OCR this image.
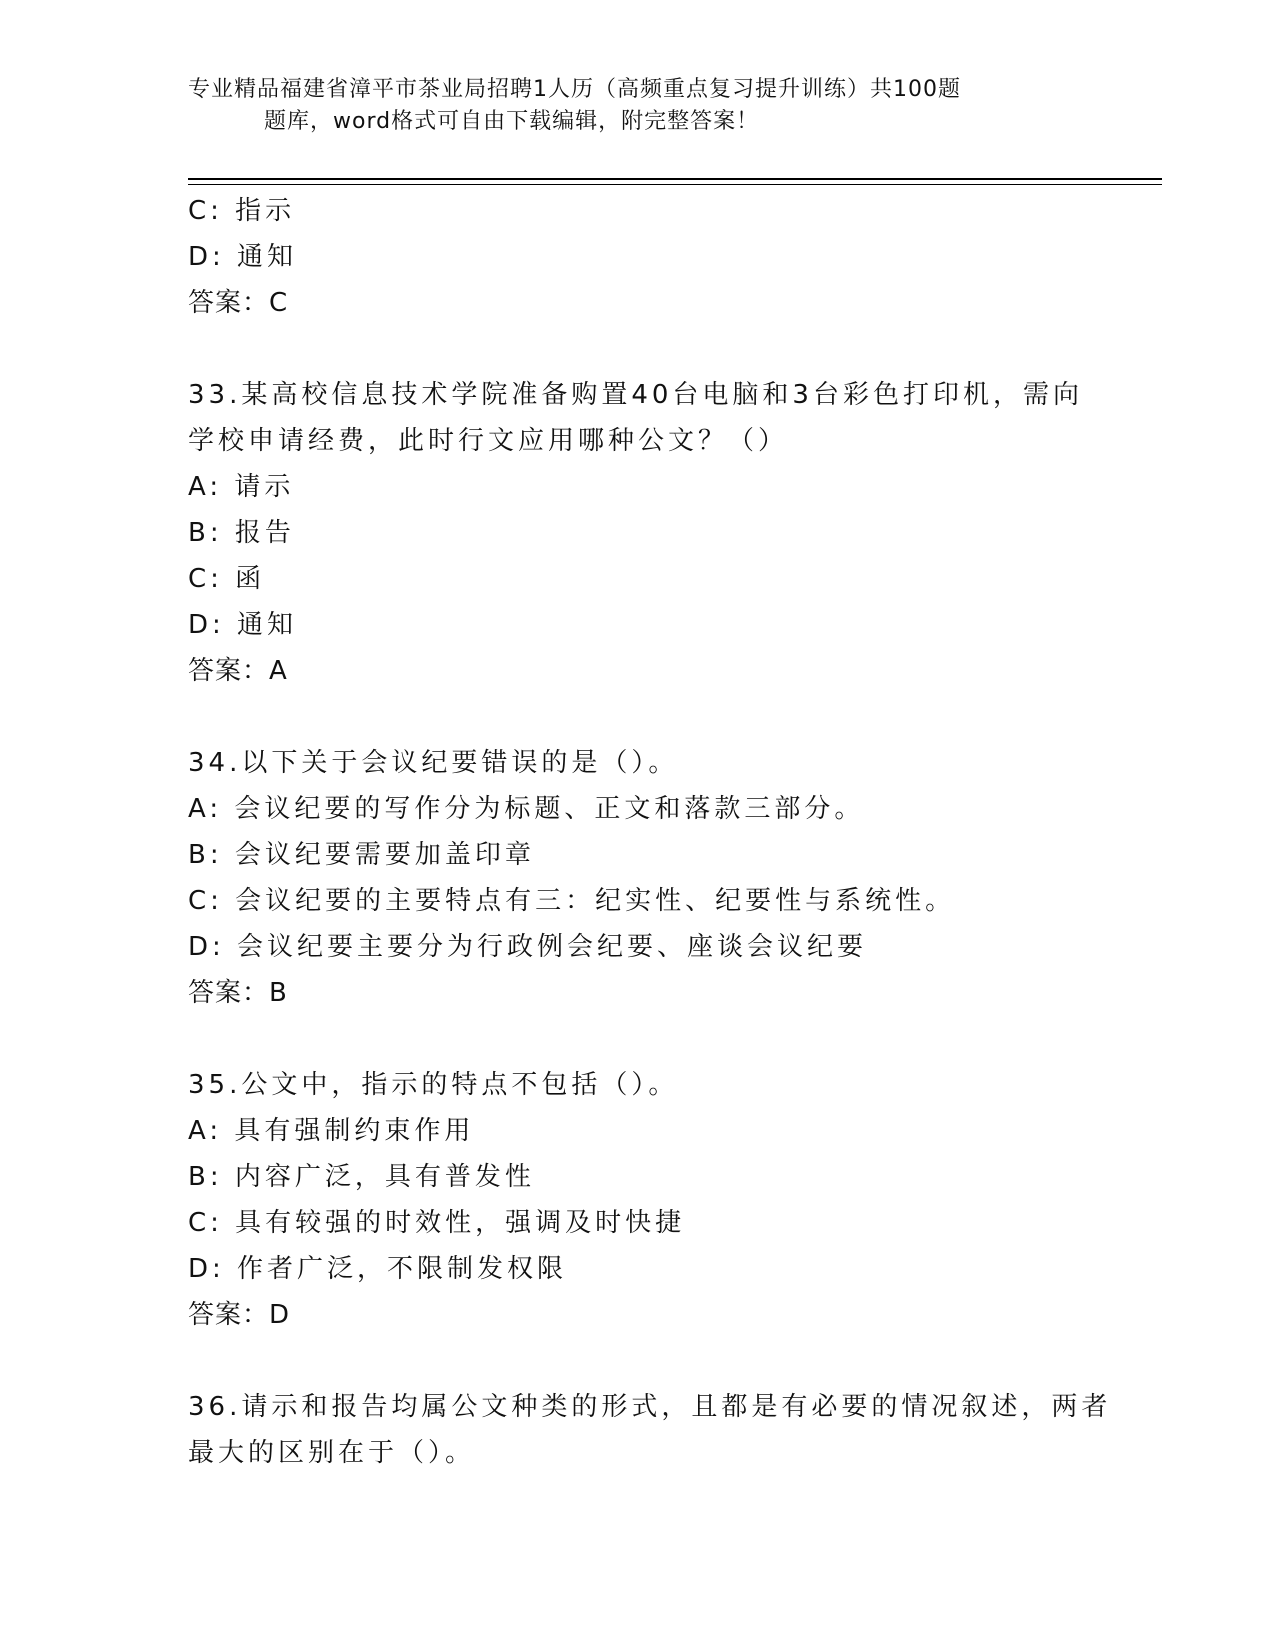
专业精品福建省漳平市茶业局招聘1人历（高频重点复习提升训练）共100题
题库，word格式可自由下载编辑，附完整答案！
C: 指示
D: 通知
答案：C
33.某高校信息技术学院准备购置40台电脑和3台彩色打印机，需向
学校申请经费，此时行文应用哪种公文？（）
A: 请示
B: 报告
C: 函
D: 通知
答案：A
34.以下关于会议纪要错误的是（）。
A: 会议纪要的写作分为标题、正文和落款三部分。
B: 会议纪要需要加盖印章
C: 会议纪要的主要特点有三：纪实性、纪要性与系统性。
D: 会议纪要主要分为行政例会纪要、座谈会议纪要
答案：B
35.公文中，指示的特点不包括（）。
A: 具有强制约束作用
B: 内容广泛，具有普发性
C: 具有较强的时效性，强调及时快捷
D: 作者广泛，不限制发权限
答案：D
36.请示和报告均属公文种类的形式，且都是有必要的情况叙述，两者
最大的区别在于（）。
